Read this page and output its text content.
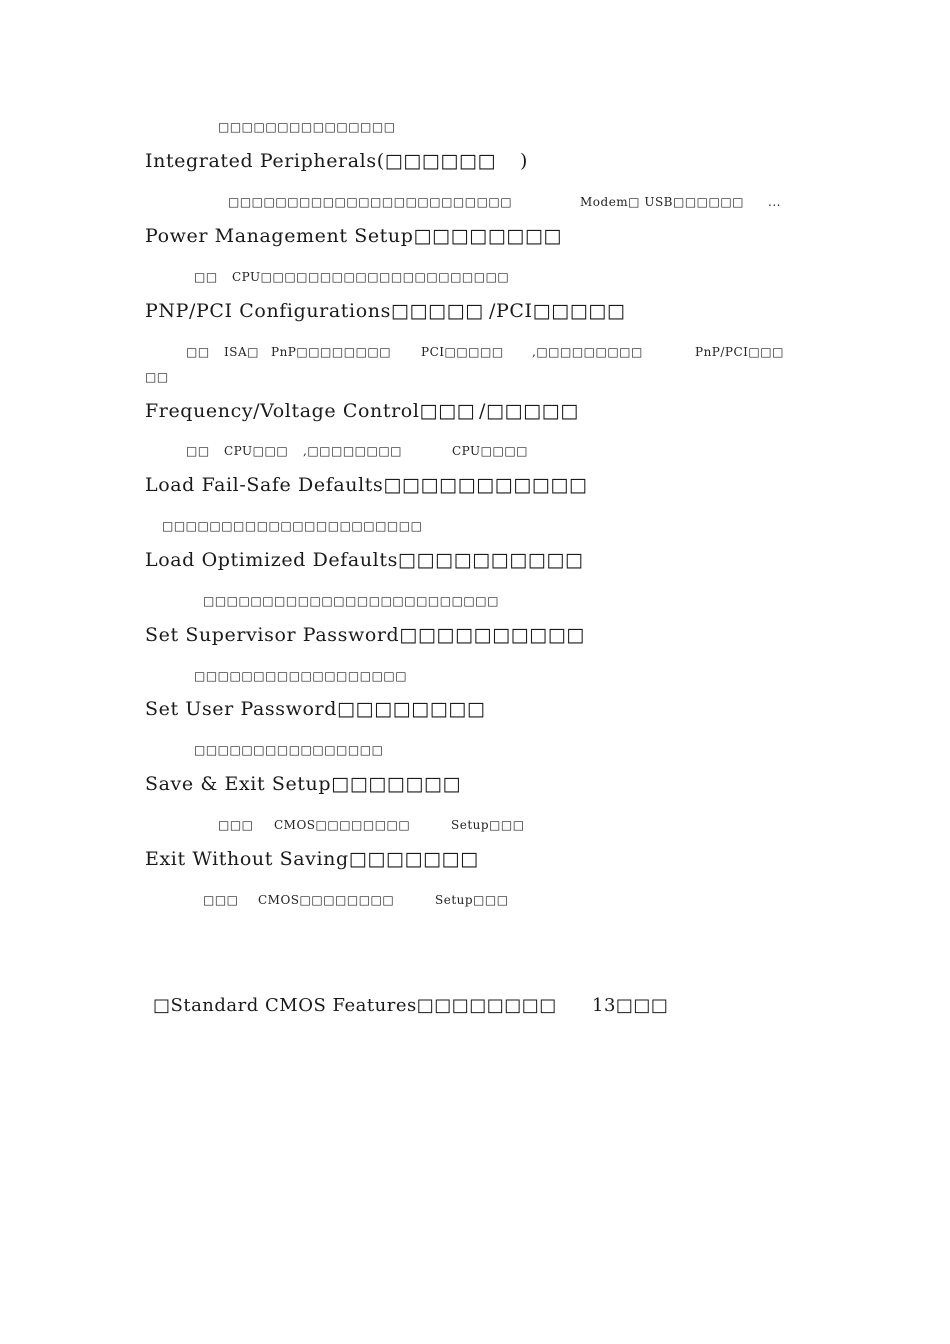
□□□□□□□□□□□□□□□
Integrated Peripherals(□□□□□□ )
□□□□□□□□□□□□□□□□□□□□□□□□	Modem□ USB□□□□□□ ...
Power Management Setup□□□□□□□□
□□ CPU□□□□□□□□□□□□□□□□□□□□□
PNP/PCI Configurations□□□□□ /PCI□□□□□
□□ ISA□ PnP□□□□□□□□ PCI□□□□□ ,□□□□□□□□□	PnP/PCI□□□
□□
Frequency/Voltage Control□□□ /□□□□□
□□ CPU□□□ ,□□□□□□□□	CPU□□□□
Load Fail-Safe Defaults□□□□□□□□□□□
□□□□□□□□□□□□□□□□□□□□□□
Load Optimized Defaults□□□□□□□□□□
□□□□□□□□□□□□□□□□□□□□□□□□□
Set Supervisor Password□□□□□□□□□□
□□□□□□□□□□□□□□□□□□
Set User Password□□□□□□□□
□□□□□□□□□□□□□□□□
Save & Exit Setup□□□□□□□
□□□ CMOS□□□□□□□□	Setup□□□
Exit Without Saving□□□□□□□
□□□ CMOS□□□□□□□□	Setup□□□
□Standard CMOS Features□□□□□□□□ 13□□□
